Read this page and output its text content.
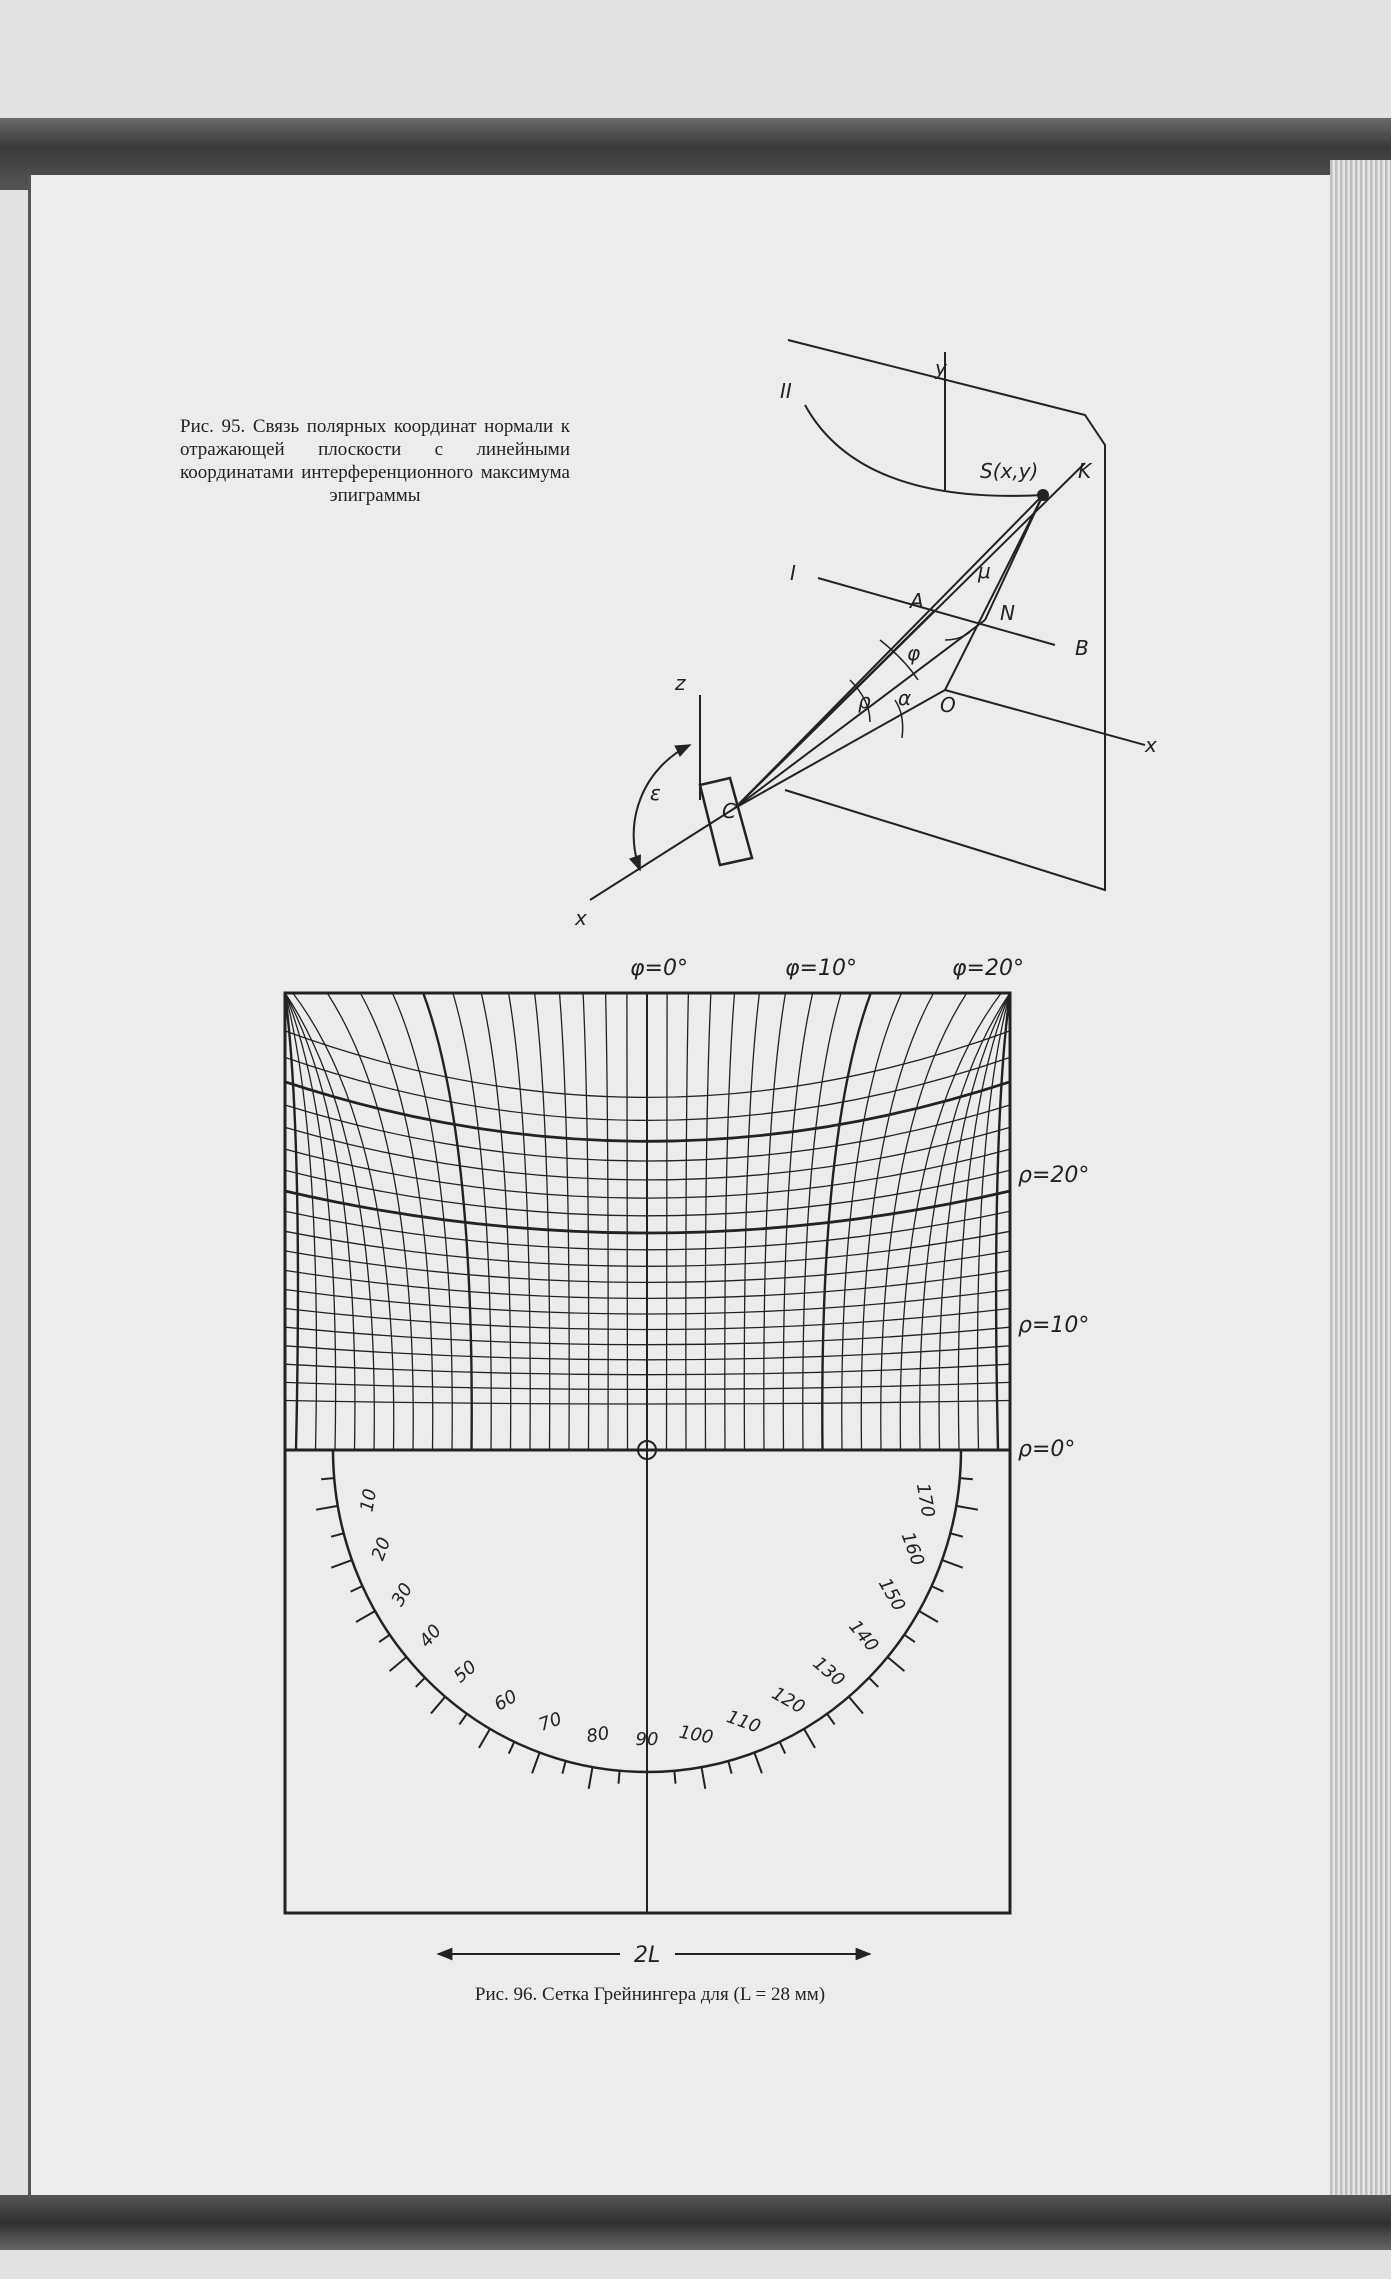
Рис. 95. Связь полярных координат нормали к отражающей плоскости с линейными координатами интерференционного максимума эпиграммы

Рис. 96. Сетка Грейнингера для (L = 28 мм)

II
y
S(x,y) K
μ
I
A	N
B
φ
ρ α O
x
z
ε
C
x
10
20
30
40
50
60
70 80 90 100 110
120
130
140
150
160
170
φ=0°	φ=10°	φ=20°
ρ=20°
ρ=10°
ρ=0°
2L
